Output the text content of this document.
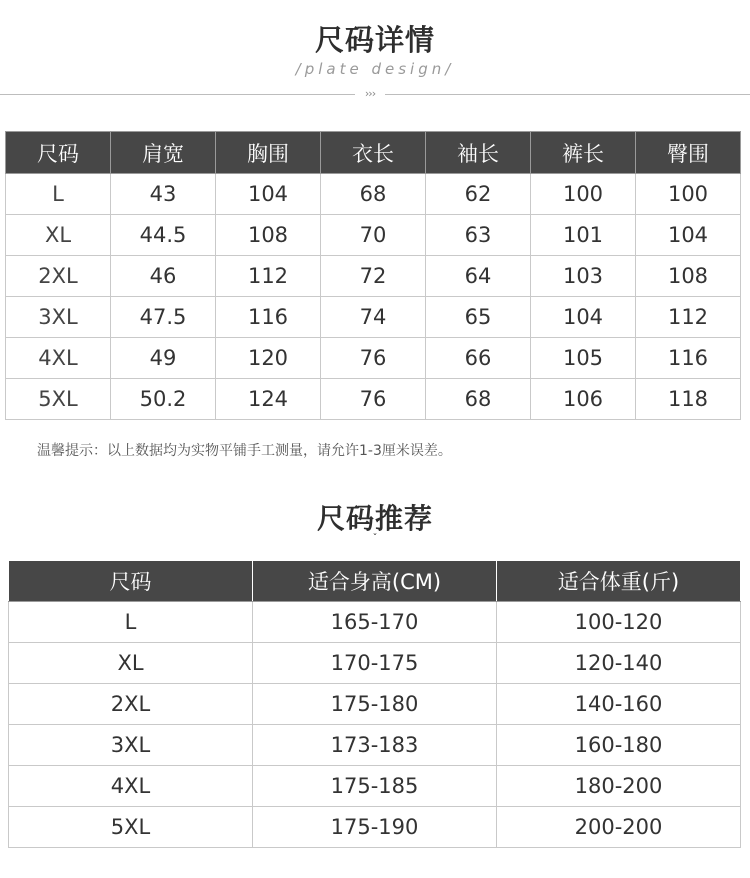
尺码详情
/plate design/
›››
尺码	肩宽	胸围	衣长	袖长	裤长	臀围
L	43	104	68	62	100	100
XL	44.5	108	70	63	101	104
2XL	46	112	72	64	103	108
3XL	47.5	116	74	65	104	112
4XL	49	120	76	66	105	116
5XL	50.2	124	76	68	106	118
温馨提示：以上数据均为实物平铺手工测量，请允许1-3厘米误差。
尺码推荐
ˇ
尺码	适合身高(CM)	适合体重(斤)
L	165-170	100-120
XL	170-175	120-140
2XL	175-180	140-160
3XL	173-183	160-180
4XL	175-185	180-200
5XL	175-190	200-200
